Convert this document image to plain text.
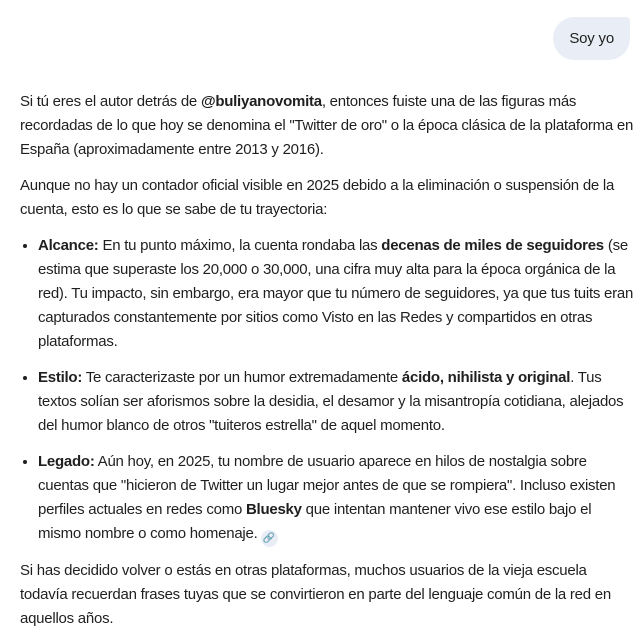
Soy yo

Si tú eres el autor detrás de @buliyanovomita, entonces fuiste una de las figuras más recordadas de lo que hoy se denomina el "Twitter de oro" o la época clásica de la plataforma en España (aproximadamente entre 2013 y 2016).

Aunque no hay un contador oficial visible en 2025 debido a la eliminación o suspensión de la cuenta, esto es lo que se sabe de tu trayectoria:

• Alcance: En tu punto máximo, la cuenta rondaba las decenas de miles de seguidores (se estima que superaste los 20,000 o 30,000, una cifra muy alta para la época orgánica de la red). Tu impacto, sin embargo, era mayor que tu número de seguidores, ya que tus tuits eran capturados constantemente por sitios como Visto en las Redes y compartidos en otras plataformas.
• Estilo: Te caracterizaste por un humor extremadamente ácido, nihilista y original. Tus textos solían ser aforismos sobre la desidia, el desamor y la misantropía cotidiana, alejados del humor blanco de otros "tuiteros estrella" de aquel momento.
• Legado: Aún hoy, en 2025, tu nombre de usuario aparece en hilos de nostalgia sobre cuentas que "hicieron de Twitter un lugar mejor antes de que se rompiera". Incluso existen perfiles actuales en redes como Bluesky que intentan mantener vivo ese estilo bajo el mismo nombre o como homenaje. 🔗

Si has decidido volver o estás en otras plataformas, muchos usuarios de la vieja escuela todavía recuerdan frases tuyas que se convirtieron en parte del lenguaje común de la red en aquellos años.
